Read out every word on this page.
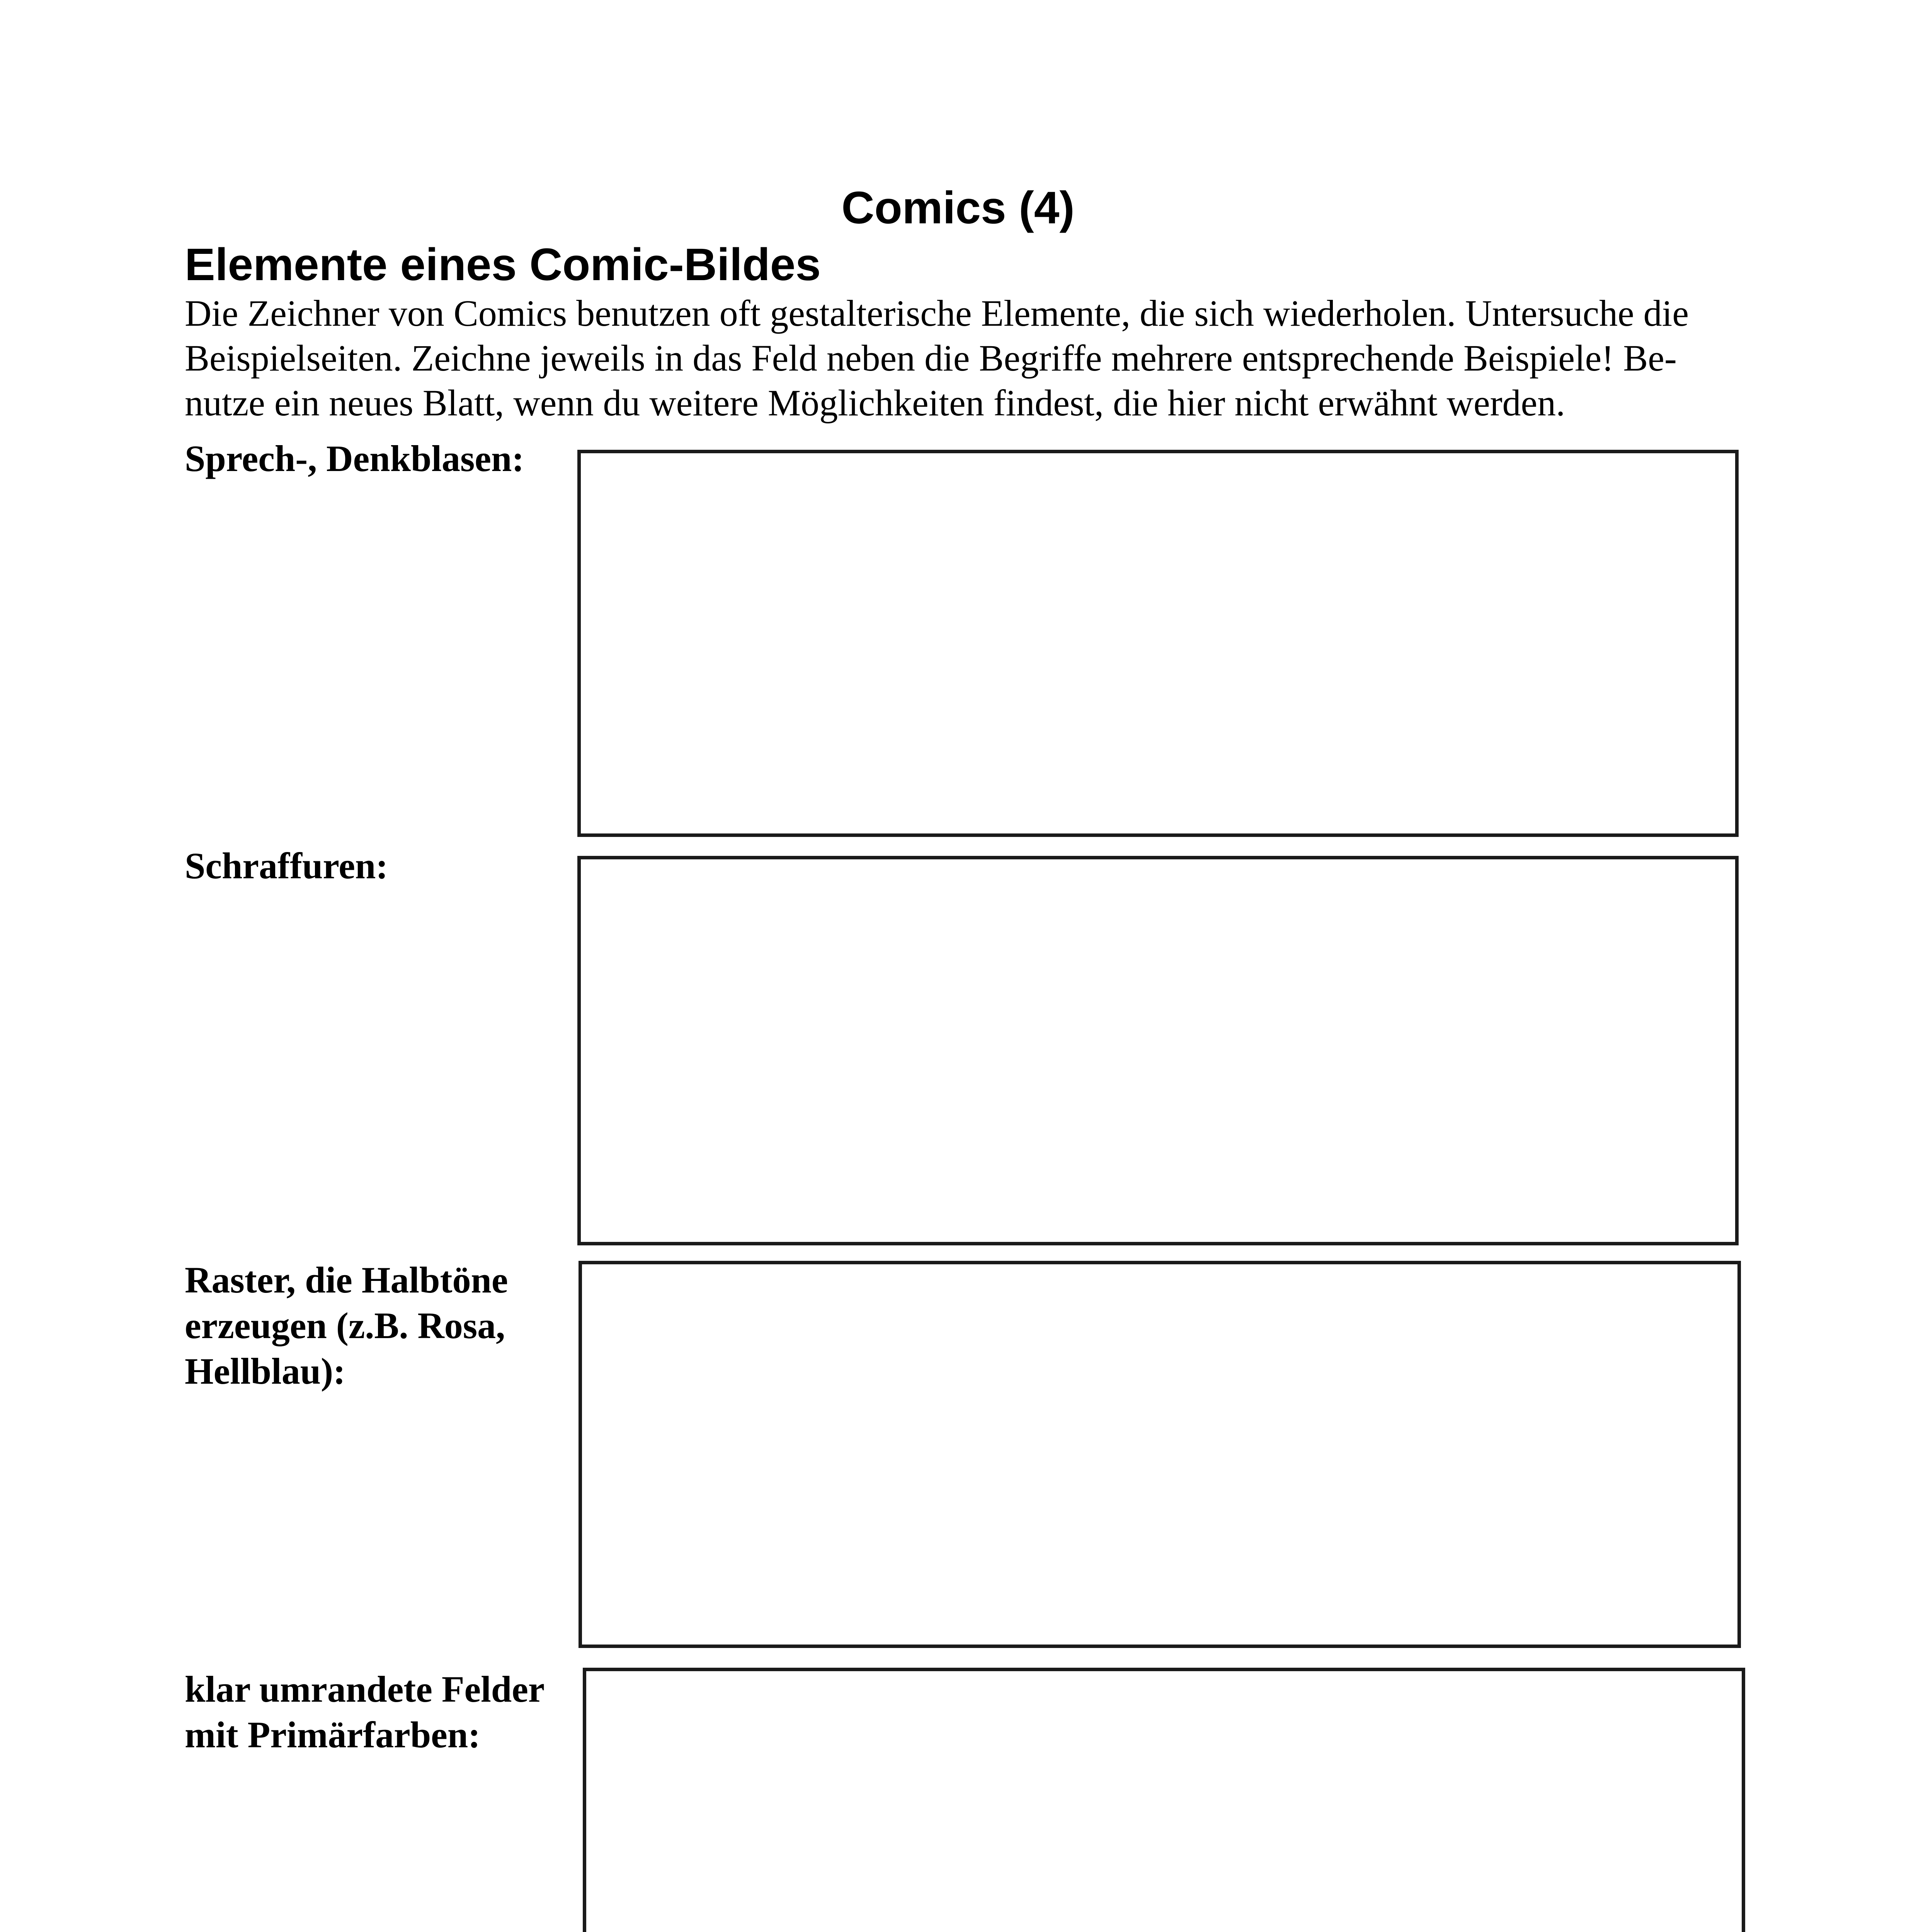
Comics (4)
Elemente eines Comic-Bildes
Die Zeichner von Comics benutzen oft gestalterische Elemente, die sich wiederholen. Untersuche die
Beispielseiten. Zeichne jeweils in das Feld neben die Begriffe mehrere entsprechende Beispiele! Be-
nutze ein neues Blatt, wenn du weitere Möglichkeiten findest, die hier nicht erwähnt werden.
Sprech-, Denkblasen:
Schraffuren:
Raster, die Halbtöne
erzeugen (z.B. Rosa,
Hellblau):
klar umrandete Felder
mit Primärfarben:
